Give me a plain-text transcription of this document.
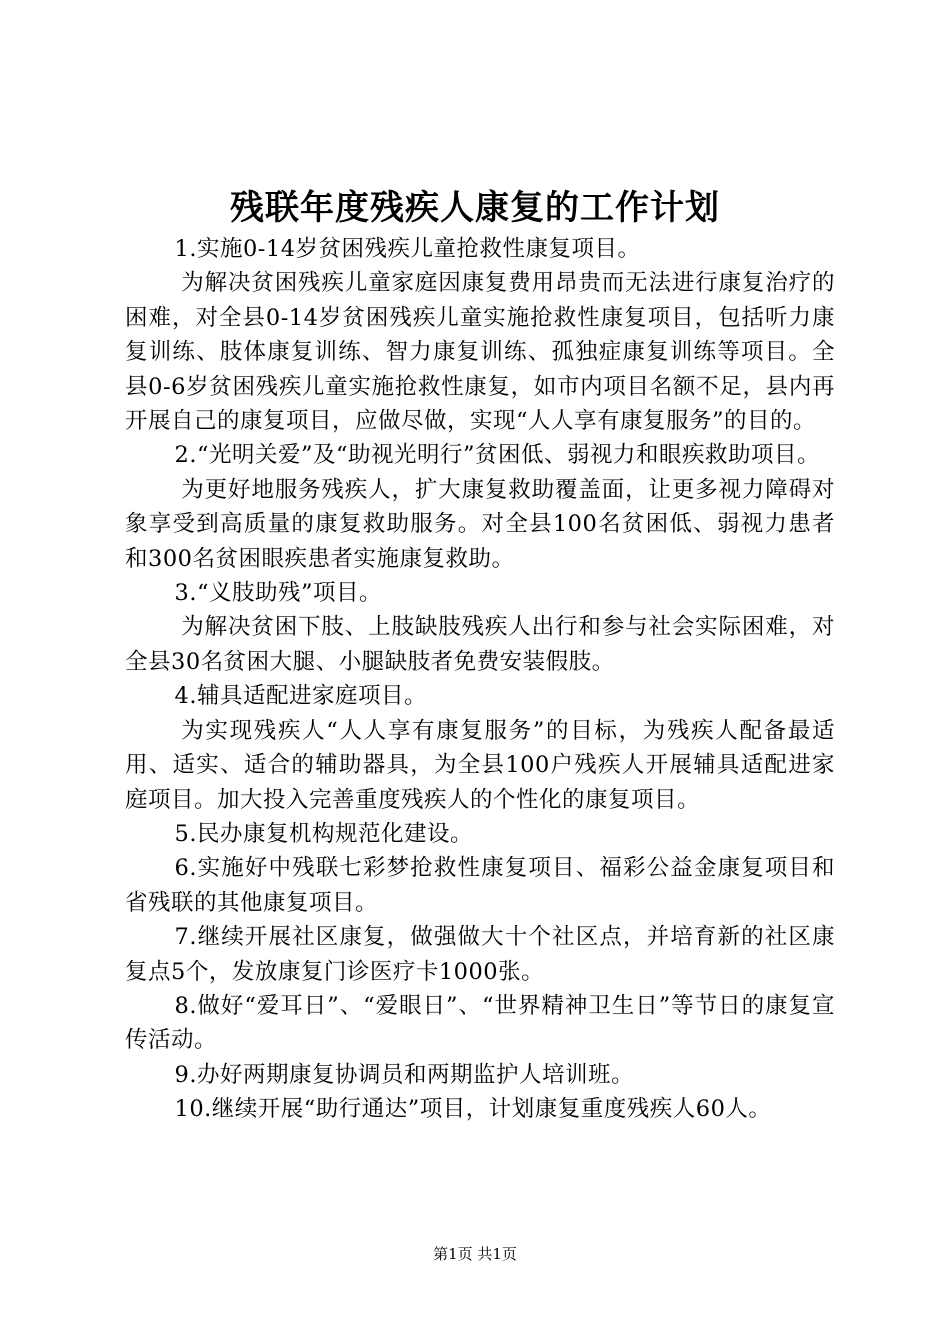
残联年度残疾人康复的工作计划

1.实施0-14岁贫困残疾儿童抢救性康复项目。

为解决贫困残疾儿童家庭因康复费用昂贵而无法进行康复治疗的困难，对全县0-14岁贫困残疾儿童实施抢救性康复项目，包括听力康复训练、肢体康复训练、智力康复训练、孤独症康复训练等项目。全县0-6岁贫困残疾儿童实施抢救性康复，如市内项目名额不足，县内再开展自己的康复项目，应做尽做，实现“人人享有康复服务”的目的。

2.“光明关爱”及“助视光明行”贫困低、弱视力和眼疾救助项目。

为更好地服务残疾人，扩大康复救助覆盖面，让更多视力障碍对象享受到高质量的康复救助服务。对全县100名贫困低、弱视力患者和300名贫困眼疾患者实施康复救助。

3.“义肢助残”项目。

为解决贫困下肢、上肢缺肢残疾人出行和参与社会实际困难，对全县30名贫困大腿、小腿缺肢者免费安装假肢。

4.辅具适配进家庭项目。

为实现残疾人“人人享有康复服务”的目标，为残疾人配备最适用、适实、适合的辅助器具，为全县100户残疾人开展辅具适配进家庭项目。加大投入完善重度残疾人的个性化的康复项目。

5.民办康复机构规范化建设。

6.实施好中残联七彩梦抢救性康复项目、福彩公益金康复项目和省残联的其他康复项目。

7.继续开展社区康复，做强做大十个社区点，并培育新的社区康复点5个，发放康复门诊医疗卡1000张。

8.做好“爱耳日”、“爱眼日”、“世界精神卫生日”等节日的康复宣传活动。

9.办好两期康复协调员和两期监护人培训班。

10.继续开展“助行通达”项目，计划康复重度残疾人60人。

第1页 共1页
